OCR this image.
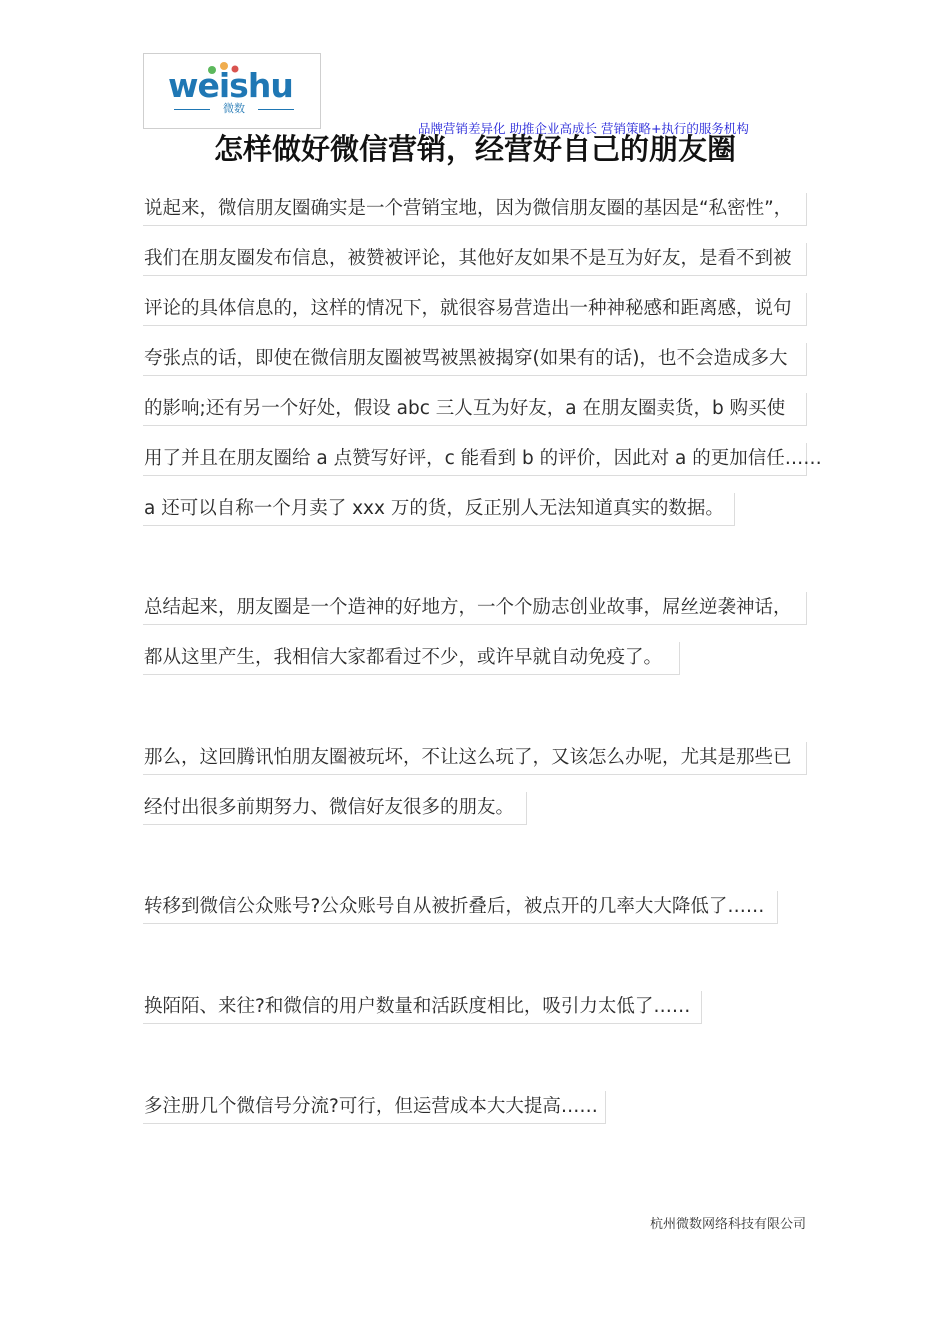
weishu
微数
品牌营销差异化 助推企业高成长 营销策略+执行的服务机构
怎样做好微信营销，经营好自己的朋友圈
说起来，微信朋友圈确实是一个营销宝地，因为微信朋友圈的基因是“私密性”，
我们在朋友圈发布信息，被赞被评论，其他好友如果不是互为好友，是看不到被
评论的具体信息的，这样的情况下，就很容易营造出一种神秘感和距离感，说句
夸张点的话，即使在微信朋友圈被骂被黑被揭穿(如果有的话)，也不会造成多大
的影响;还有另一个好处，假设 abc 三人互为好友，a 在朋友圈卖货，b 购买使
用了并且在朋友圈给 a 点赞写好评，c 能看到 b 的评价，因此对 a 的更加信任……
a 还可以自称一个月卖了 xxx 万的货，反正别人无法知道真实的数据。
总结起来，朋友圈是一个造神的好地方，一个个励志创业故事，屌丝逆袭神话，
都从这里产生，我相信大家都看过不少，或许早就自动免疫了。
那么，这回腾讯怕朋友圈被玩坏，不让这么玩了，又该怎么办呢，尤其是那些已
经付出很多前期努力、微信好友很多的朋友。
转移到微信公众账号?公众账号自从被折叠后，被点开的几率大大降低了……
换陌陌、来往?和微信的用户数量和活跃度相比，吸引力太低了……
多注册几个微信号分流?可行，但运营成本大大提高……
杭州微数网络科技有限公司
